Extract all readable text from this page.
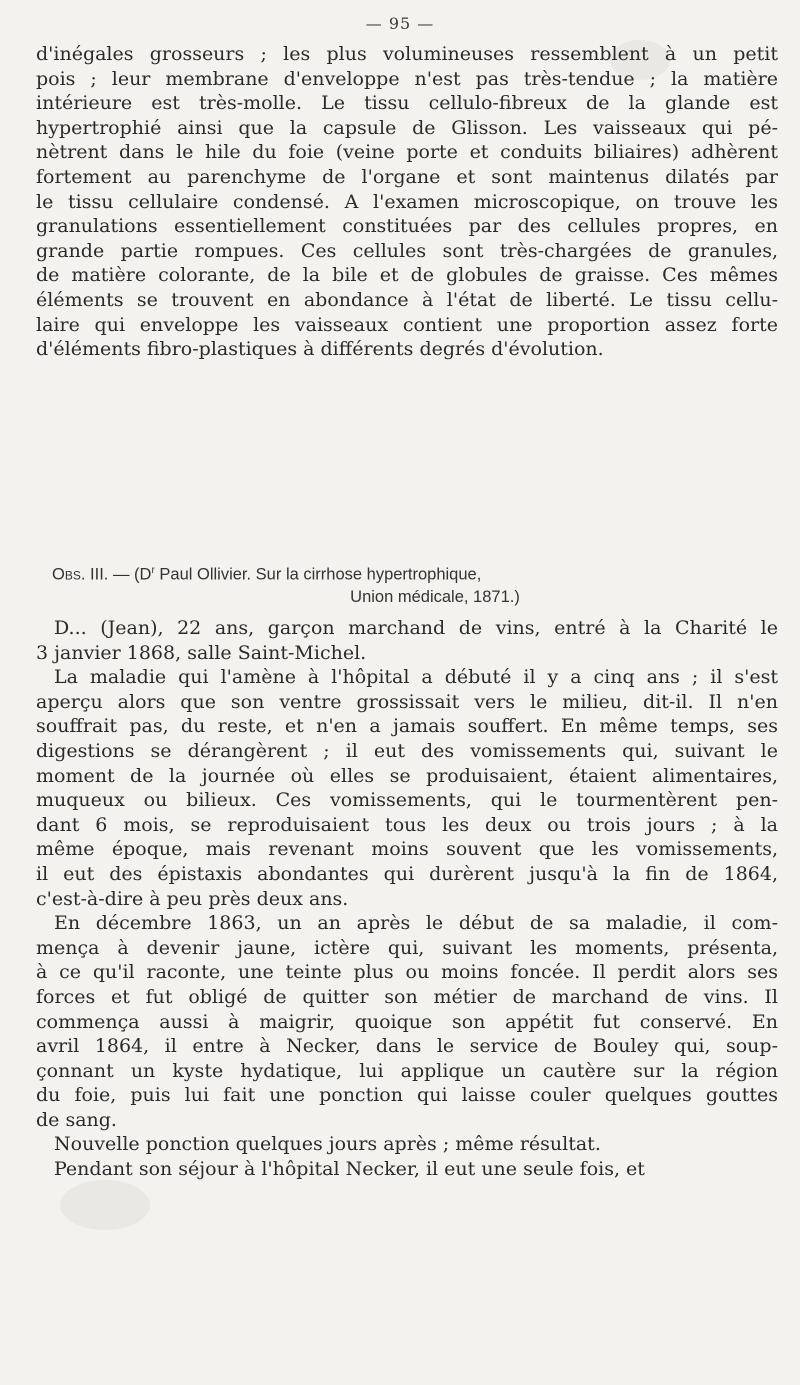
— 95 —
d'inégales grosseurs ; les plus volumineuses ressemblent à un petit
pois ; leur membrane d'enveloppe n'est pas très-tendue ; la matière
intérieure est très-molle. Le tissu cellulo-fibreux de la glande est
hypertrophié ainsi que la capsule de Glisson. Les vaisseaux qui pé-
nètrent dans le hile du foie (veine porte et conduits biliaires) adhèrent
fortement au parenchyme de l'organe et sont maintenus dilatés par
le tissu cellulaire condensé. A l'examen microscopique, on trouve les
granulations essentiellement constituées par des cellules propres, en
grande partie rompues. Ces cellules sont très-chargées de granules,
de matière colorante, de la bile et de globules de graisse. Ces mêmes
éléments se trouvent en abondance à l'état de liberté. Le tissu cellu-
laire qui enveloppe les vaisseaux contient une proportion assez forte
d'éléments fibro-plastiques à différents degrés d'évolution.
Obs. III. — ($D^r$ Paul Ollivier. Sur la cirrhose hypertrophique,
Union médicale, 1871.)
D... (Jean), 22 ans, garçon marchand de vins, entré à la Charité le
3 janvier 1868, salle Saint-Michel.
La maladie qui l'amène à l'hôpital a débuté il y a cinq ans ; il s'est
aperçu alors que son ventre grossissait vers le milieu, dit-il. Il n'en
souffrait pas, du reste, et n'en a jamais souffert. En même temps, ses
digestions se dérangèrent ; il eut des vomissements qui, suivant le
moment de la journée où elles se produisaient, étaient alimentaires,
muqueux ou bilieux. Ces vomissements, qui le tourmentèrent pen-
dant 6 mois, se reproduisaient tous les deux ou trois jours ; à la
même époque, mais revenant moins souvent que les vomissements,
il eut des épistaxis abondantes qui durèrent jusqu'à la fin de 1864,
c'est-à-dire à peu près deux ans.
En décembre 1863, un an après le début de sa maladie, il com-
mença à devenir jaune, ictère qui, suivant les moments, présenta,
à ce qu'il raconte, une teinte plus ou moins foncée. Il perdit alors ses
forces et fut obligé de quitter son métier de marchand de vins. Il
commença aussi à maigrir, quoique son appétit fut conservé. En
avril 1864, il entre à Necker, dans le service de Bouley qui, soup-
çonnant un kyste hydatique, lui applique un cautère sur la région
du foie, puis lui fait une ponction qui laisse couler quelques gouttes
de sang.
Nouvelle ponction quelques jours après ; même résultat.
Pendant son séjour à l'hôpital Necker, il eut une seule fois, et
